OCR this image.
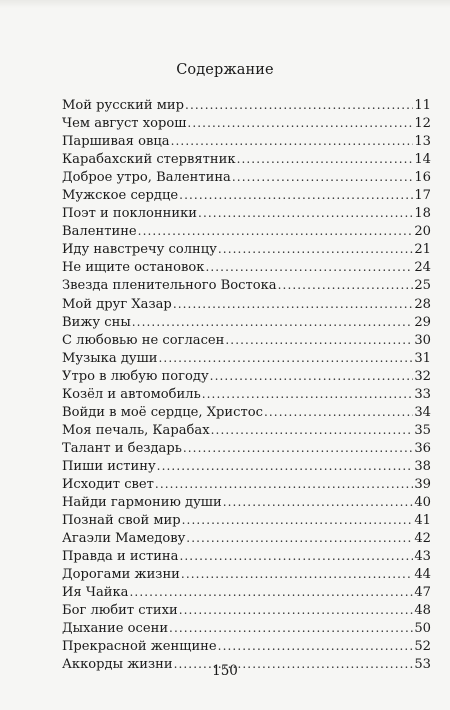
Содержание
Мой русский мир .....	11
Чем август хорош .....	12
Паршивая овца .....	13
Карабахский стервятник .....	14
Доброе утро, Валентина .....	16
Мужское сердце .....	17
Поэт и поклонники .....	18
Валентине .....	20
Иду навстречу солнцу .....	21
Не ищите остановок .....	24
Звезда пленительного Востока .....	25
Мой друг Хазар .....	28
Вижу сны .....	29
С любовью не согласен .....	30
Музыка души .....	31
Утро в любую погоду .....	32
Козёл и автомобиль .....	33
Войди в моё сердце, Христос .....	34
Моя печаль, Карабах .....	35
Талант и бездарь .....	36
Пиши истину .....	38
Исходит свет .....	39
Найди гармонию души .....	40
Познай свой мир .....	41
Агаэли Мамедову .....	42
Правда и истина .....	43
Дорогами жизни .....	44
Ия Чайка .....	47
Бог любит стихи .....	48
Дыхание осени .....	50
Прекрасной женщине .....	52
Аккорды жизни .....	53
150
